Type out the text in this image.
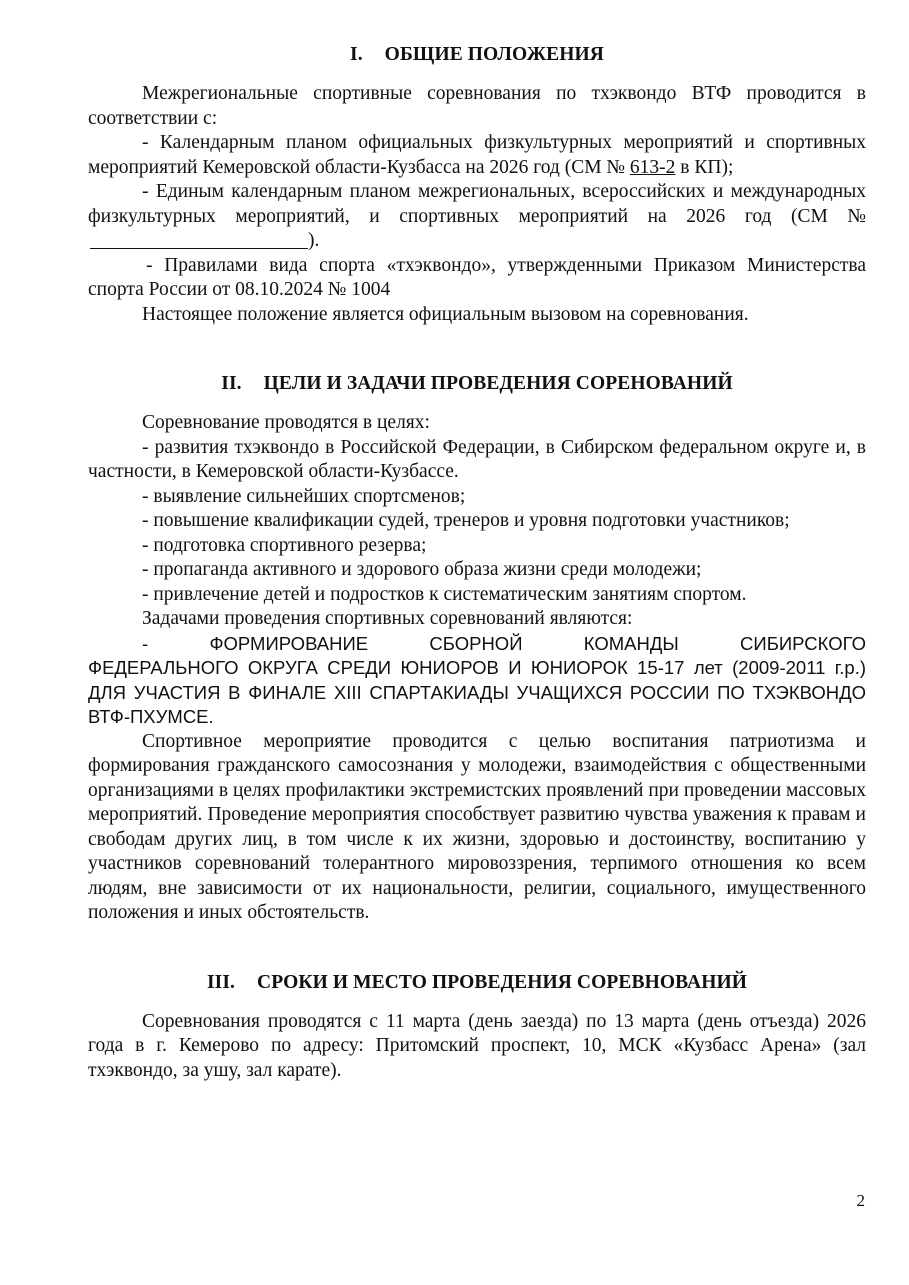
I. ОБЩИЕ ПОЛОЖЕНИЯ

Межрегиональные спортивные соревнования по тхэквондо ВТФ проводится в соответствии с:

- Календарным планом официальных физкультурных мероприятий и спортивных мероприятий Кемеровской области-Кузбасса на 2026 год (СМ № 613-2 в КП);

- Единым календарным планом межрегиональных, всероссийских и международных физкультурных мероприятий, и спортивных мероприятий на 2026 год (СМ №).

- Правилами вида спорта «тхэквондо», утвержденными Приказом Министерства спорта России от 08.10.2024 № 1004

Настоящее положение является официальным вызовом на соревнования.

II. ЦЕЛИ И ЗАДАЧИ ПРОВЕДЕНИЯ СОРЕНОВАНИЙ

Соревнование проводятся в целях:

- развития тхэквондо в Российской Федерации, в Сибирском федеральном округе и, в частности, в Кемеровской области-Кузбассе.

- выявление сильнейших спортсменов;

- повышение квалификации судей, тренеров и уровня подготовки участников;

- подготовка спортивного резерва;

- пропаганда активного и здорового образа жизни среди молодежи;

- привлечение детей и подростков к систематическим занятиям спортом.

Задачами проведения спортивных соревнований являются:

-	ФОРМИРОВАНИЕ	СБОРНОЙ	КОМАНДЫ	СИБИРСКОГО

ФЕДЕРАЛЬНОГО ОКРУГА СРЕДИ ЮНИОРОВ И ЮНИОРОК 15-17 лет (2009-2011 г.р.) ДЛЯ УЧАСТИЯ В ФИНАЛЕ XIII СПАРТАКИАДЫ УЧАЩИХСЯ РОССИИ ПО ТХЭКВОНДО ВТФ-ПХУМСЕ.

Спортивное мероприятие проводится с целью воспитания патриотизма и формирования гражданского самосознания у молодежи, взаимодействия с общественными организациями в целях профилактики экстремистских проявлений при проведении массовых мероприятий. Проведение мероприятия способствует развитию чувства уважения к правам и свободам других лиц, в том числе к их жизни, здоровью и достоинству, воспитанию у участников соревнований толерантного мировоззрения, терпимого отношения ко всем людям, вне зависимости от их национальности, религии, социального, имущественного положения и иных обстоятельств.

III. СРОКИ И МЕСТО ПРОВЕДЕНИЯ СОРЕВНОВАНИЙ

Соревнования проводятся с 11 марта (день заезда) по 13 марта (день отъезда) 2026 года в г. Кемерово по адресу: Притомский проспект, 10, МСК «Кузбасс Арена» (зал тхэквондо, за ушу, зал карате).

2
